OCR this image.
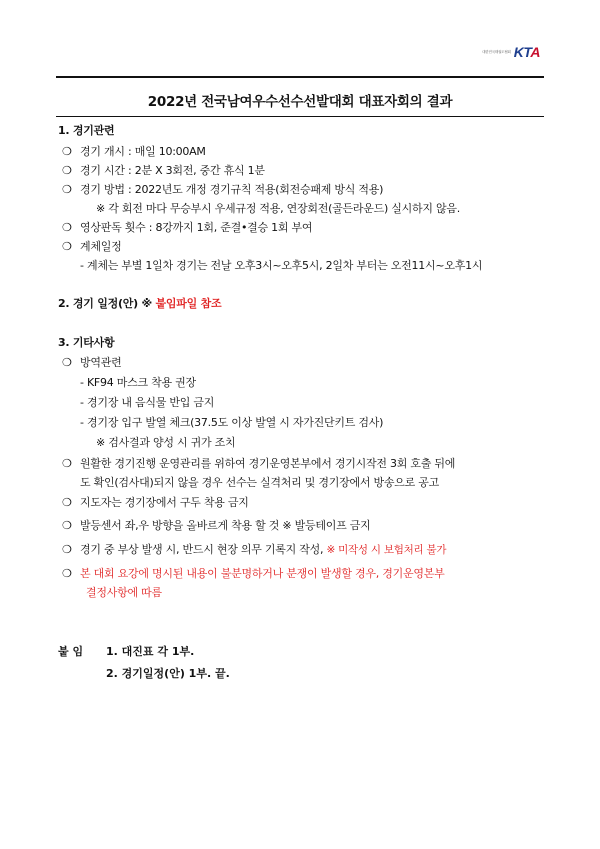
대한민국태권도협회 KTA
2022년 전국남여우수선수선발대회 대표자회의 결과
1. 경기관련
❍ 경기 개시 : 매일 10:00AM
❍ 경기 시간 : 2분 X 3회전, 중간 휴식 1분
❍ 경기 방법 : 2022년도 개정 경기규칙 적용(회전승패제 방식 적용)
※ 각 회전 마다 무승부시 우세규정 적용, 연장회전(골든라운드) 실시하지 않음.
❍ 영상판독 횟수 : 8강까지 1회, 준결•결승 1회 부여
❍ 계체일정
- 계체는 부별 1일차 경기는 전날 오후3시~오후5시, 2일차 부터는 오전11시~오후1시
2. 경기 일정(안) ※ 붙임파일 참조
3. 기타사항
❍ 방역관련
- KF94 마스크 착용 권장
- 경기장 내 음식물 반입 금지
- 경기장 입구 발열 체크(37.5도 이상 발열 시 자가진단키트 검사)
※ 검사결과 양성 시 귀가 조치
❍ 원활한 경기진행 운영관리를 위하여 경기운영본부에서 경기시작전 3회 호출 뒤에
도 확인(검사대)되지 않을 경우 선수는 실격처리 및 경기장에서 방송으로 공고
❍ 지도자는 경기장에서 구두 착용 금지
❍ 발등센서 좌,우 방향을 올바르게 착용 할 것 ※ 발등테이프 금지
❍ 경기 중 부상 발생 시, 반드시 현장 의무 기록지 작성, ※ 미작성 시 보험처리 불가
❍ 본 대회 요강에 명시된 내용이 불분명하거나 분쟁이 발생할 경우, 경기운영본부
결정사항에 따름
붙 임 1. 대진표 각 1부.
2. 경기일정(안) 1부. 끝.
